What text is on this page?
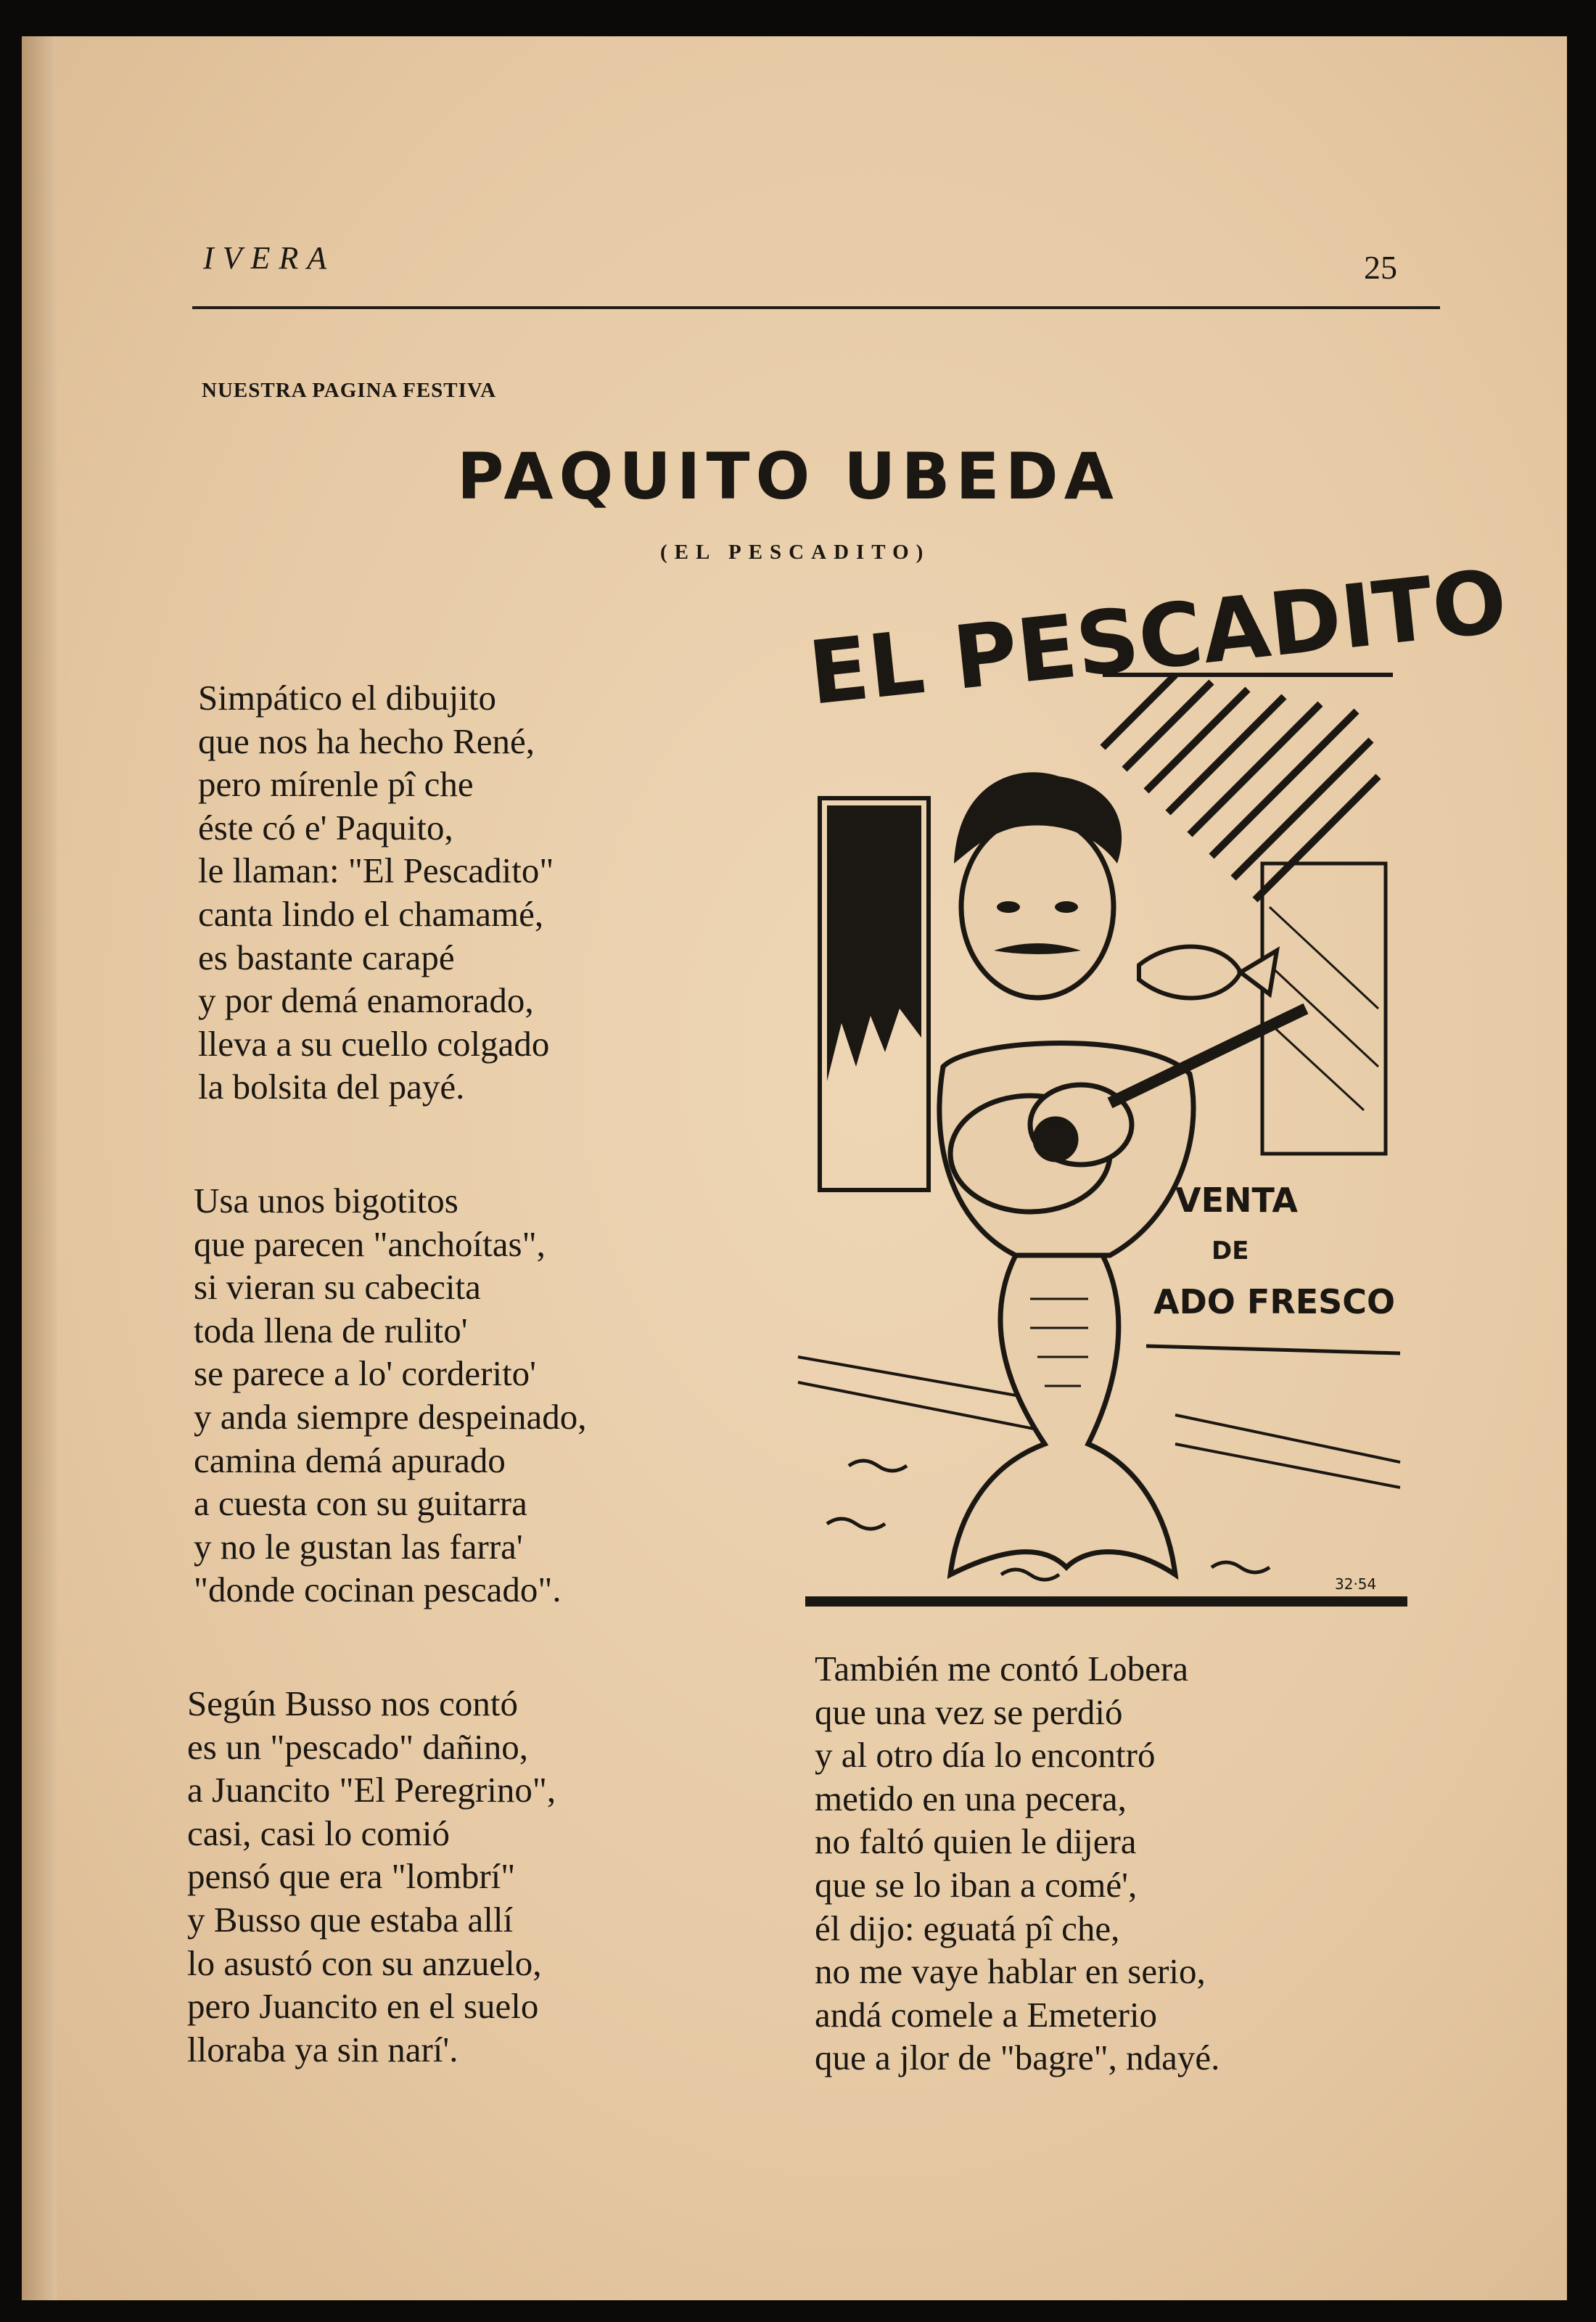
IVERA	25
NUESTRA PAGINA FESTIVA
PAQUITO UBEDA
(EL PESCADITO)

Simpático el dibujito
que nos ha hecho René,
pero mírenle pî che
éste có e' Paquito,
le llaman: "El Pescadito"
canta lindo el chamamé,
es bastante carapé
y por demá enamorado,
lleva a su cuello colgado
la bolsita del payé.

Usa unos bigotitos
que parecen "anchoítas",
si vieran su cabecita
toda llena de rulito'
se parece a lo' corderito'
y anda siempre despeinado,
camina demá apurado
a cuesta con su guitarra
y no le gustan las farra'
"donde cocinan pescado".

Según Busso nos contó
es un "pescado" dañino,
a Juancito "El Peregrino",
casi, casi lo comió
pensó que era "lombrí"
y Busso que estaba allí
lo asustó con su anzuelo,
pero Juancito en el suelo
lloraba ya sin narí'.

También me contó Lobera
que una vez se perdió
y al otro día lo encontró
metido en una pecera,
no faltó quien le dijera
que se lo iban a comé',
él dijo: eguatá pî che,
no me vaye hablar en serio,
andá comele a Emeterio
que a jlor de "bagre", ndayé.

VENTA
DE
ADO FRESCO
32·54
EL PESCADITO
